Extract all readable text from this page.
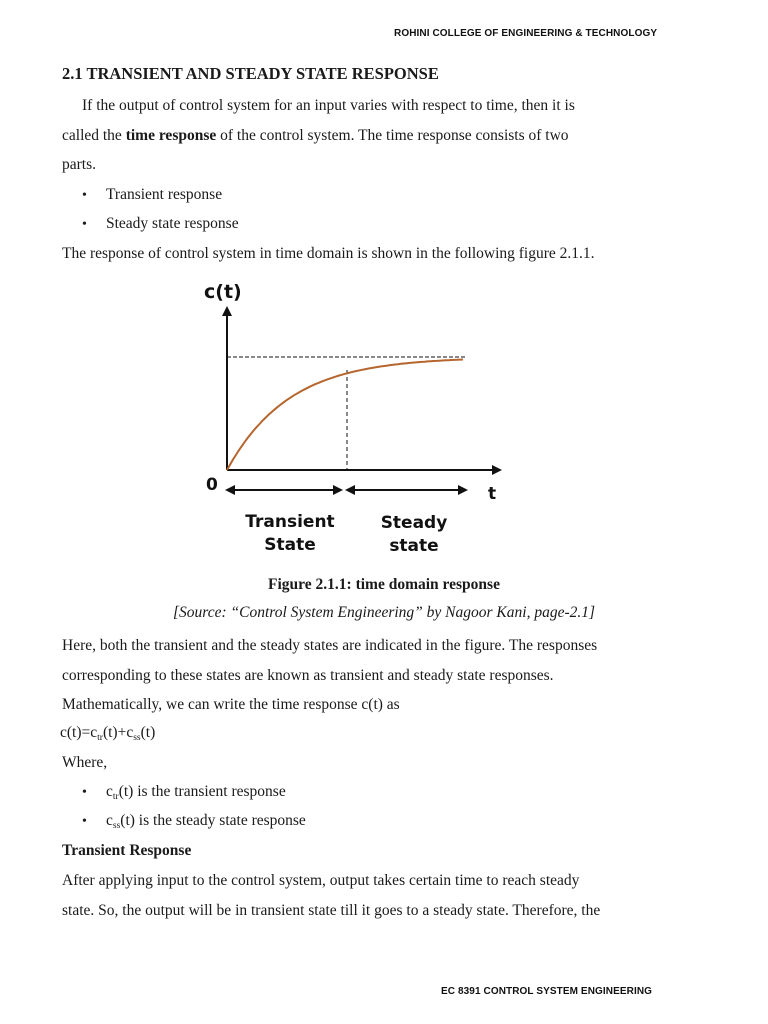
ROHINI COLLEGE OF ENGINEERING & TECHNOLOGY
2.1 TRANSIENT AND STEADY STATE RESPONSE
If the output of control system for an input varies with respect to time, then it is
called the time response of the control system. The time response consists of two
parts.
• Transient response
• Steady state response
The response of control system in time domain is shown in the following figure 2.1.1.
c(t)
t
0
Transient
State
Steady
state
Figure 2.1.1: time domain response
[Source: “Control System Engineering” by Nagoor Kani, page-2.1]
Here, both the transient and the steady states are indicated in the figure. The responses
corresponding to these states are known as transient and steady state responses.
Mathematically, we can write the time response c(t) as
$c(t)=c_{tr}(t)+c_{ss}(t)$
Where,
• $c_{tr}(t)$ is the transient response
• $c_{ss}(t)$ is the steady state response
Transient Response
After applying input to the control system, output takes certain time to reach steady
state. So, the output will be in transient state till it goes to a steady state. Therefore, the
EC 8391 CONTROL SYSTEM ENGINEERING
